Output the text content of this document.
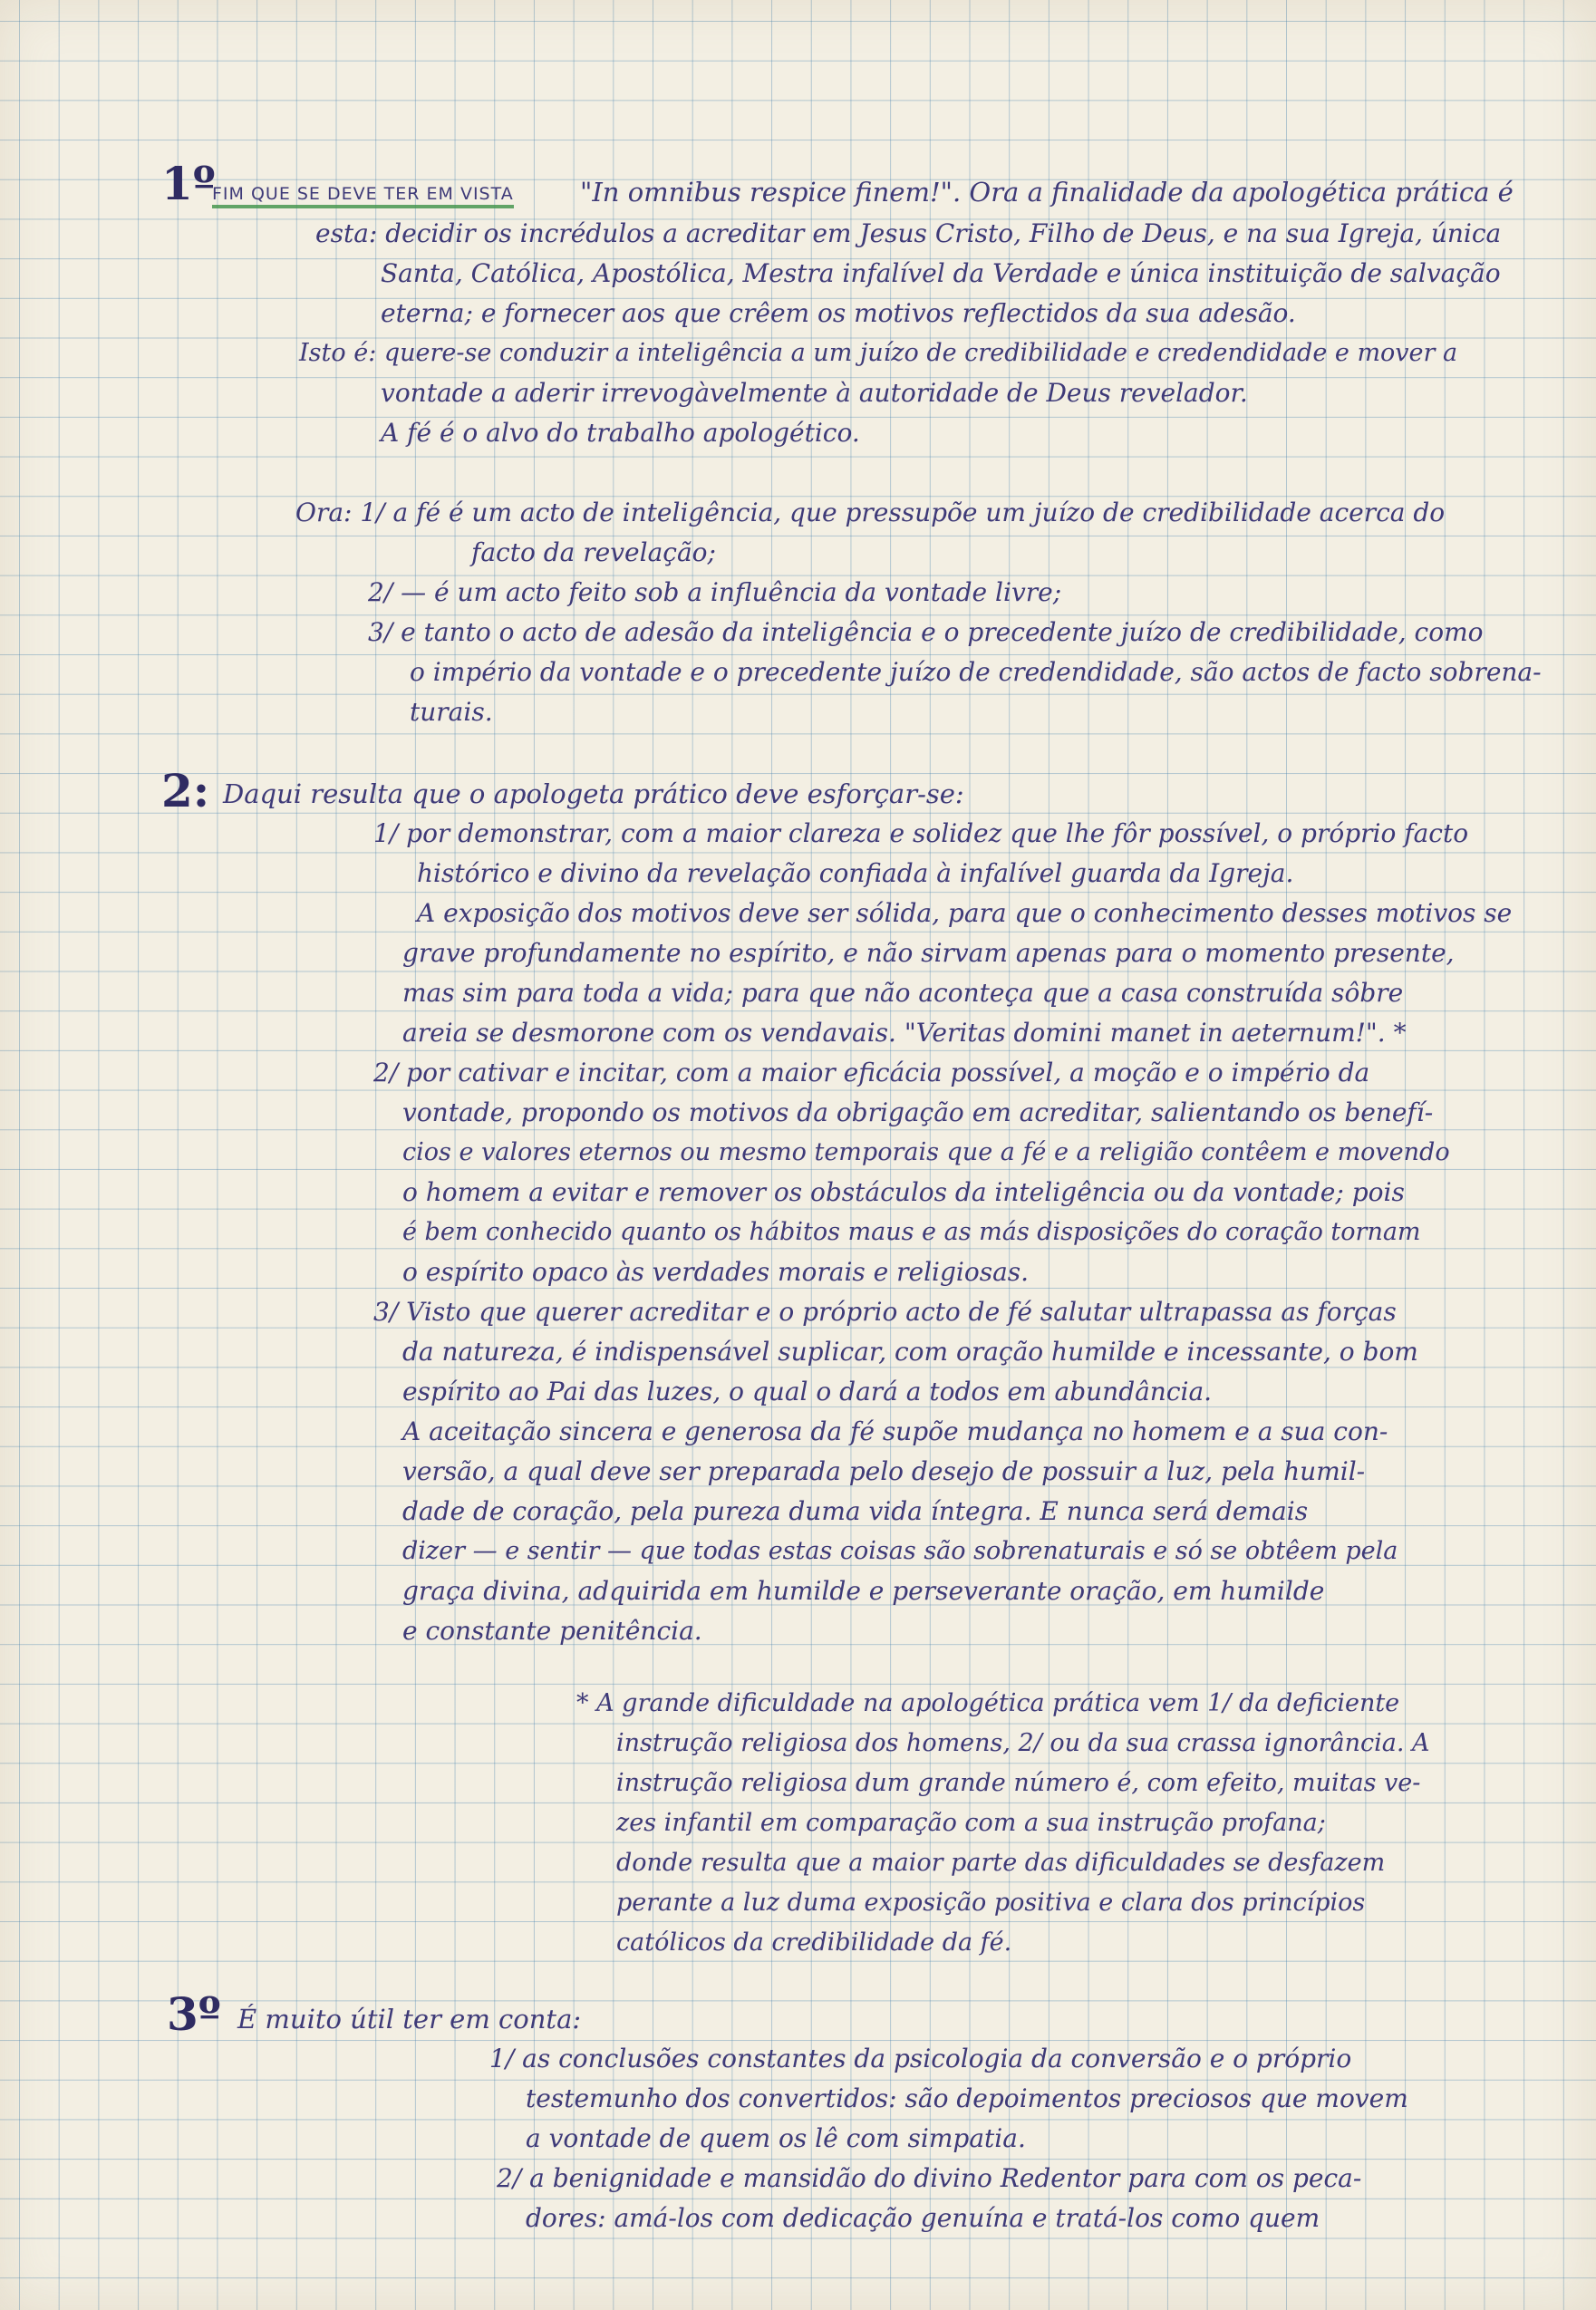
1º
FIM QUE SE DEVE TER EM VISTA	"In omnibus respice finem!". Ora a finalidade da apologética prática é
esta: decidir os incrédulos a acreditar em Jesus Cristo, Filho de Deus, e na sua Igreja, única
Santa, Católica, Apostólica, Mestra infalível da Verdade e única instituição de salvação
eterna; e fornecer aos que crêem os motivos reflectidos da sua adesão.
Isto é: quere-se conduzir a inteligência a um juízo de credibilidade e credendidade e mover a
vontade a aderir irrevogàvelmente à autoridade de Deus revelador.
A fé é o alvo do trabalho apologético.
Ora: 1/ a fé é um acto de inteligência, que pressupõe um juízo de credibilidade acerca do
facto da revelação;
2/ — é um acto feito sob a influência da vontade livre;
3/ e tanto o acto de adesão da inteligência e o precedente juízo de credibilidade, como
o império da vontade e o precedente juízo de credendidade, são actos de facto sobrena-
turais.
2: Daqui resulta que o apologeta prático deve esforçar-se:
1/ por demonstrar, com a maior clareza e solidez que lhe fôr possível, o próprio facto
histórico e divino da revelação confiada à infalível guarda da Igreja.
A exposição dos motivos deve ser sólida, para que o conhecimento desses motivos se
grave profundamente no espírito, e não sirvam apenas para o momento presente,
mas sim para toda a vida; para que não aconteça que a casa construída sôbre
areia se desmorone com os vendavais. "Veritas domini manet in aeternum!". *
2/ por cativar e incitar, com a maior eficácia possível, a moção e o império da
vontade, propondo os motivos da obrigação em acreditar, salientando os benefí-
cios e valores eternos ou mesmo temporais que a fé e a religião contêem e movendo
o homem a evitar e remover os obstáculos da inteligência ou da vontade; pois
é bem conhecido quanto os hábitos maus e as más disposições do coração tornam
o espírito opaco às verdades morais e religiosas.
3/ Visto que querer acreditar e o próprio acto de fé salutar ultrapassa as forças
da natureza, é indispensável suplicar, com oração humilde e incessante, o bom
espírito ao Pai das luzes, o qual o dará a todos em abundância.
A aceitação sincera e generosa da fé supõe mudança no homem e a sua con-
versão, a qual deve ser preparada pelo desejo de possuir a luz, pela humil-
dade de coração, pela pureza duma vida íntegra. E nunca será demais
dizer — e sentir — que todas estas coisas são sobrenaturais e só se obtêem pela
graça divina, adquirida em humilde e perseverante oração, em humilde
e constante penitência.
* A grande dificuldade na apologética prática vem 1/ da deficiente
instrução religiosa dos homens, 2/ ou da sua crassa ignorância. A
instrução religiosa dum grande número é, com efeito, muitas ve-
zes infantil em comparação com a sua instrução profana;
donde resulta que a maior parte das dificuldades se desfazem
perante a luz duma exposição positiva e clara dos princípios
católicos da credibilidade da fé.
3º É muito útil ter em conta:
1/ as conclusões constantes da psicologia da conversão e o próprio
testemunho dos convertidos: são depoimentos preciosos que movem
a vontade de quem os lê com simpatia.
2/ a benignidade e mansidão do divino Redentor para com os peca-
dores: amá-los com dedicação genuína e tratá-los como quem
